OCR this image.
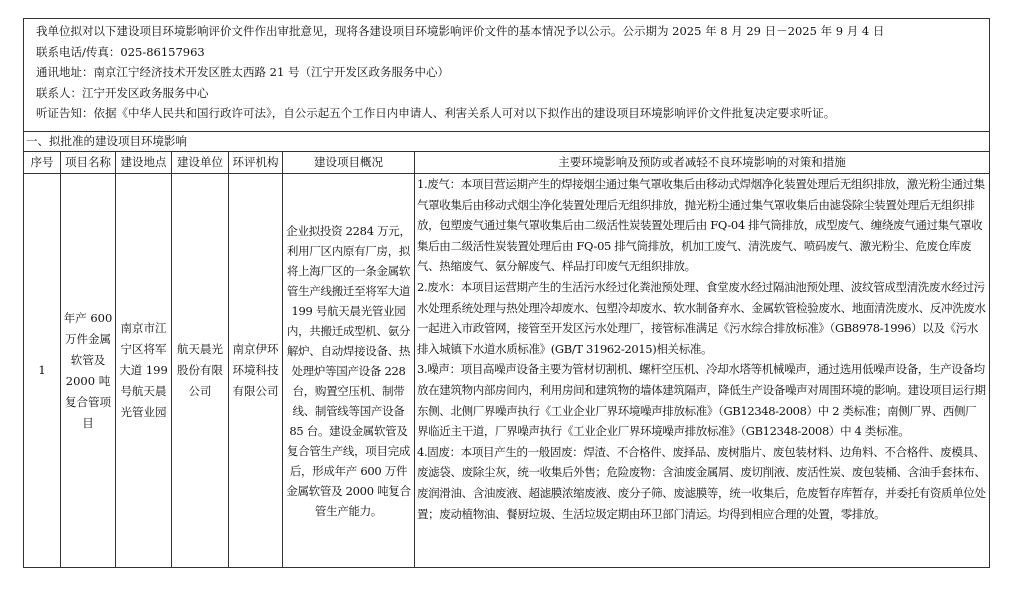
我单位拟对以下建设项目环境影响评价文件作出审批意见，现将各建设项目环境影响评价文件的基本情况予以公示。公示期为 2025 年 8 月 29 日－2025 年 9 月 4 日
联系电话/传真：025-86157963
通讯地址：南京江宁经济技术开发区胜太西路 21 号（江宁开发区政务服务中心）
联系人：江宁开发区政务服务中心
听证告知：依据《中华人民共和国行政许可法》，自公示起五个工作日内申请人、利害关系人可对以下拟作出的建设项目环境影响评价文件批复决定要求听证。						

一、拟批准的建设项目环境影响						
序号	项目名称	建设地点	建设单位	环评机构	建设项目概况	主要环境影响及预防或者减轻不良环境影响的对策和措施
1	年产 600 万件金属软管及 2000 吨复合管项目	南京市江宁区将军大道 199 号航天晨光管业园	航天晨光股份有限公司	南京伊环环境科技有限公司	企业拟投资 2284 万元，利用厂区内原有厂房，拟将上海厂区的一条金属软管生产线搬迁至将军大道 199 号航天晨光管业园内，共搬迁成型机、氨分解炉、自动焊接设备、热处理炉等国产设备 228 台，购置空压机、制带线、制管线等国产设备 85 台。建设金属软管及复合管生产线，项目完成后，形成年产 600 万件金属软管及 2000 吨复合管生产能力。	1.废气：本项目营运期产生的焊接烟尘通过集气罩收集后由移动式焊烟净化装置处理后无组织排放，激光粉尘通过集气罩收集后由移动式烟尘净化装置处理后无组织排放，抛光粉尘通过集气罩收集后由滤袋除尘装置处理后无组织排放，包塑废气通过集气罩收集后由二级活性炭装置处理后由 FQ-04 排气筒排放，成型废气、缠绕废气通过集气罩收集后由二级活性炭装置处理后由 FQ-05 排气筒排放，机加工废气、清洗废气、喷码废气、激光粉尘、危废仓库废气、热缩废气、氨分解废气、样品打印废气无组织排放。

2.废水：本项目运营期产生的生活污水经过化粪池预处理、食堂废水经过隔油池预处理、波纹管成型清洗废水经过污水处理系统处理与热处理冷却废水、包塑冷却废水、软水制备弃水、金属软管检验废水、地面清洗废水、反冲洗废水一起进入市政管网，接管至开发区污水处理厂，接管标准满足《污水综合排放标准》（GB8978-1996）以及《污水排入城镇下水道水质标准》(GB/T 31962-2015)相关标准。

3.噪声：项目高噪声设备主要为管材切割机、螺杆空压机、冷却水塔等机械噪声，通过选用低噪声设备，生产设备均放在建筑物内部房间内，利用房间和建筑物的墙体建筑隔声，降低生产设备噪声对周围环境的影响。建设项目运行期东侧、北侧厂界噪声执行《工业企业厂界环境噪声排放标准》（GB12348-2008）中 2 类标准；南侧厂界、西侧厂界临近主干道，厂界噪声执行《工业企业厂界环境噪声排放标准》（GB12348-2008）中 4 类标准。

4.固废：本项目产生的一般固废：焊渣、不合格件、废择品、废树脂片、废包装材料、边角料、不合格件、废模具、废滤袋、废除尘灰，统一收集后外售；危险废物：含油废金属屑、废切削液、废活性炭、废包装桶、含油手套抹布、废润滑油、含油废液、超滤膜浓缩废液、废分子筛、废滤膜等，统一收集后，危废暂存库暂存，并委托有资质单位处置；废动植物油、餐厨垃圾、生活垃圾定期由环卫部门清运。均得到相应合理的处置，零排放。
